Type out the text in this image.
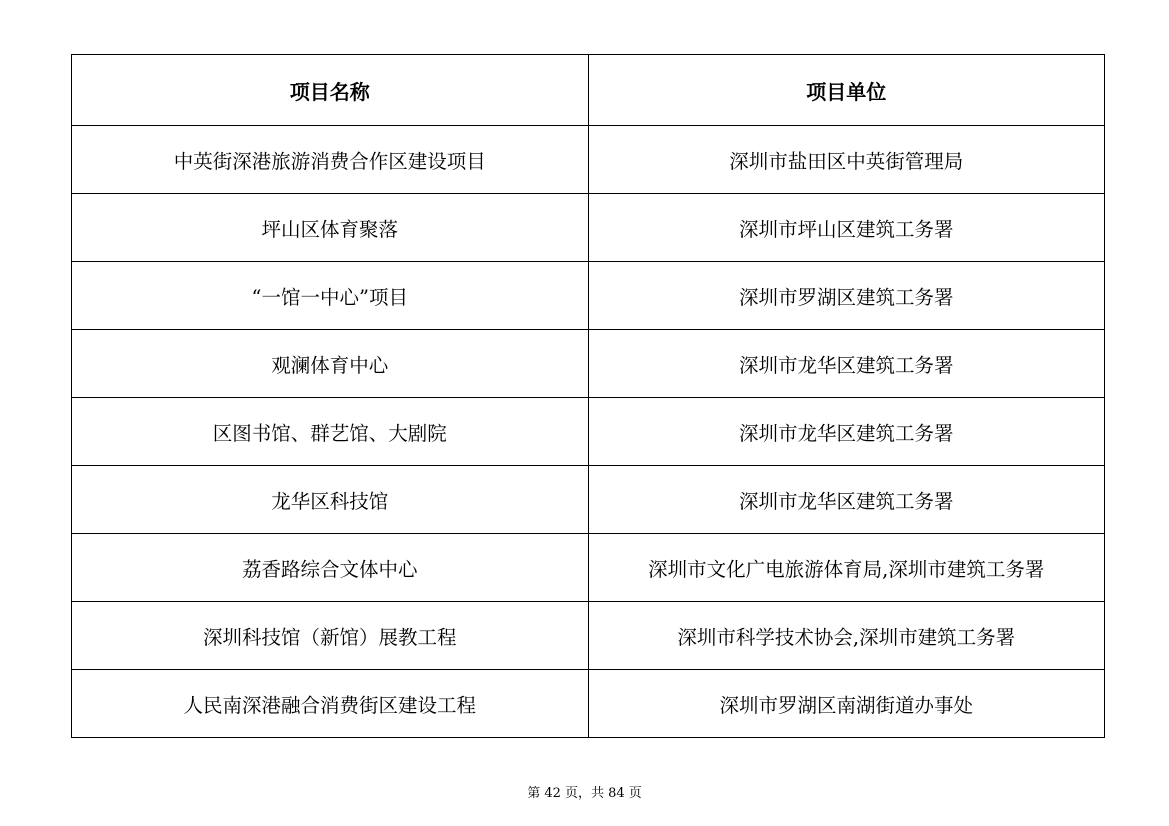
项目名称	项目单位
中英街深港旅游消费合作区建设项目	深圳市盐田区中英街管理局
坪山区体育聚落	深圳市坪山区建筑工务署
“一馆一中心”项目	深圳市罗湖区建筑工务署
观澜体育中心	深圳市龙华区建筑工务署
区图书馆、群艺馆、大剧院	深圳市龙华区建筑工务署
龙华区科技馆	深圳市龙华区建筑工务署
荔香路综合文体中心	深圳市文化广电旅游体育局,深圳市建筑工务署
深圳科技馆（新馆）展教工程	深圳市科学技术协会,深圳市建筑工务署
人民南深港融合消费街区建设工程	深圳市罗湖区南湖街道办事处
第 42 页，共 84 页
